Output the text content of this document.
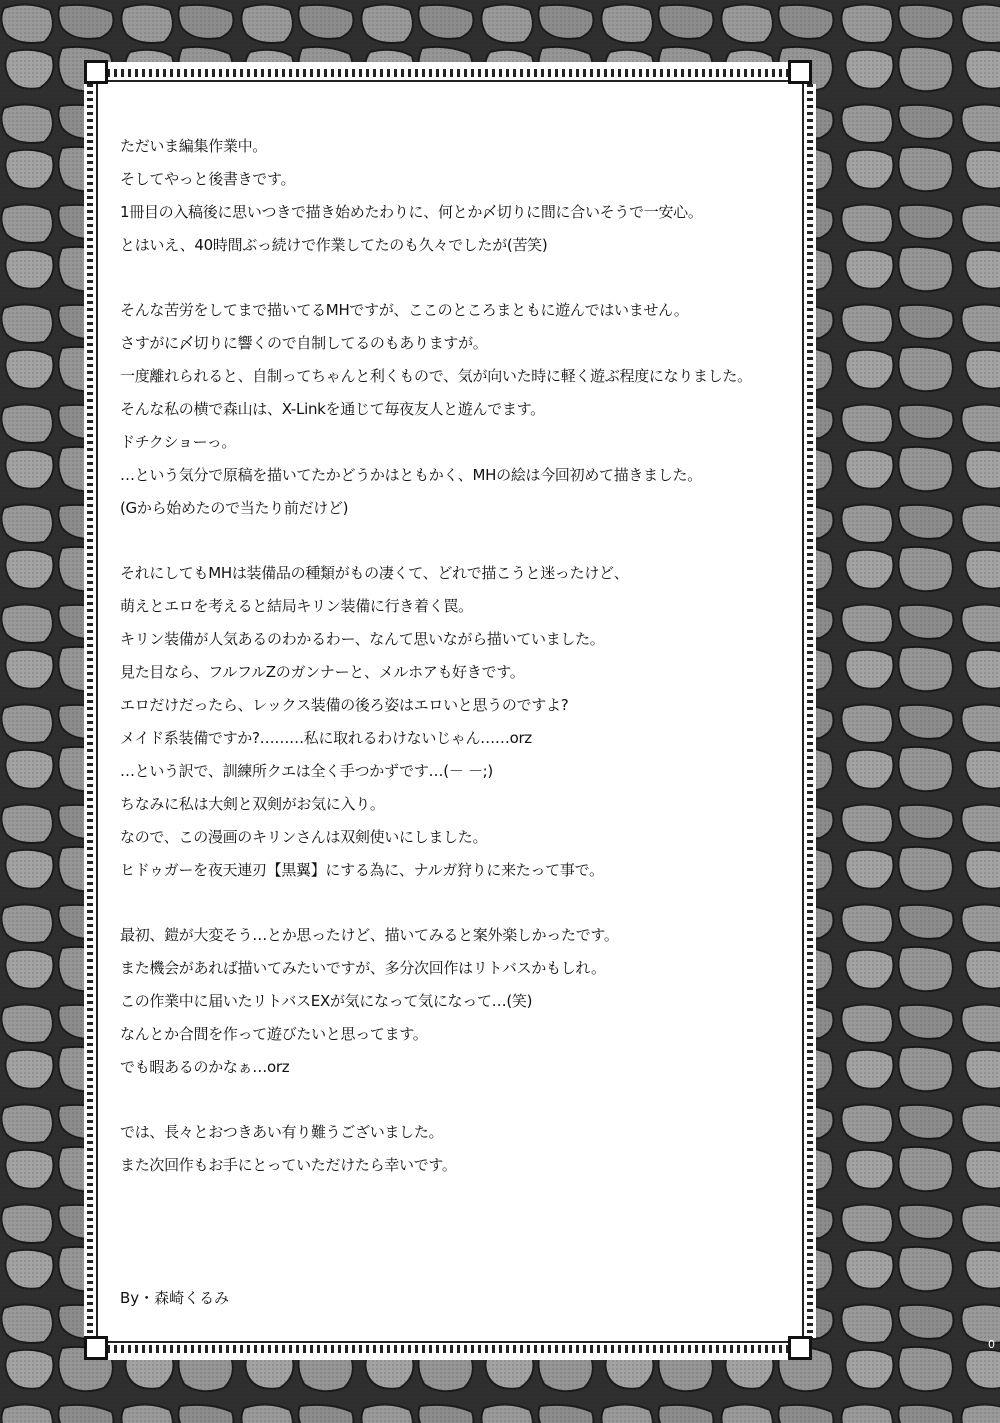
ただいま編集作業中。
そしてやっと後書きです。
1冊目の入稿後に思いつきで描き始めたわりに、何とか〆切りに間に合いそうで一安心。
とはいえ、40時間ぶっ続けで作業してたのも久々でしたが(苦笑)
そんな苦労をしてまで描いてるMHですが、ここのところまともに遊んではいません。
さすがに〆切りに響くので自制してるのもありますが。
一度離れられると、自制ってちゃんと利くもので、気が向いた時に軽く遊ぶ程度になりました。
そんな私の横で森山は、X-Linkを通じて毎夜友人と遊んでます。
ドチクショーっ。
…という気分で原稿を描いてたかどうかはともかく、MHの絵は今回初めて描きました。
(Gから始めたので当たり前だけど)
それにしてもMHは装備品の種類がもの凄くて、どれで描こうと迷ったけど、
萌えとエロを考えると結局キリン装備に行き着く罠。
キリン装備が人気あるのわかるわー、なんて思いながら描いていました。
見た目なら、フルフルZのガンナーと、メルホアも好きです。
エロだけだったら、レックス装備の後ろ姿はエロいと思うのですよ?
メイド系装備ですか?………私に取れるわけないじゃん……orz
…という訳で、訓練所クエは全く手つかずです…(－ －;)
ちなみに私は大剣と双剣がお気に入り。
なので、この漫画のキリンさんは双剣使いにしました。
ヒドゥガーを夜天連刃【黒翼】にする為に、ナルガ狩りに来たって事で。
最初、鎧が大変そう…とか思ったけど、描いてみると案外楽しかったです。
また機会があれば描いてみたいですが、多分次回作はリトバスかもしれ。
この作業中に届いたリトバスEXが気になって気になって…(笑)
なんとか合間を作って遊びたいと思ってます。
でも暇あるのかなぁ…orz
では、長々とおつきあい有り難うございました。
また次回作もお手にとっていただけたら幸いです。
By・森崎くるみ
0
